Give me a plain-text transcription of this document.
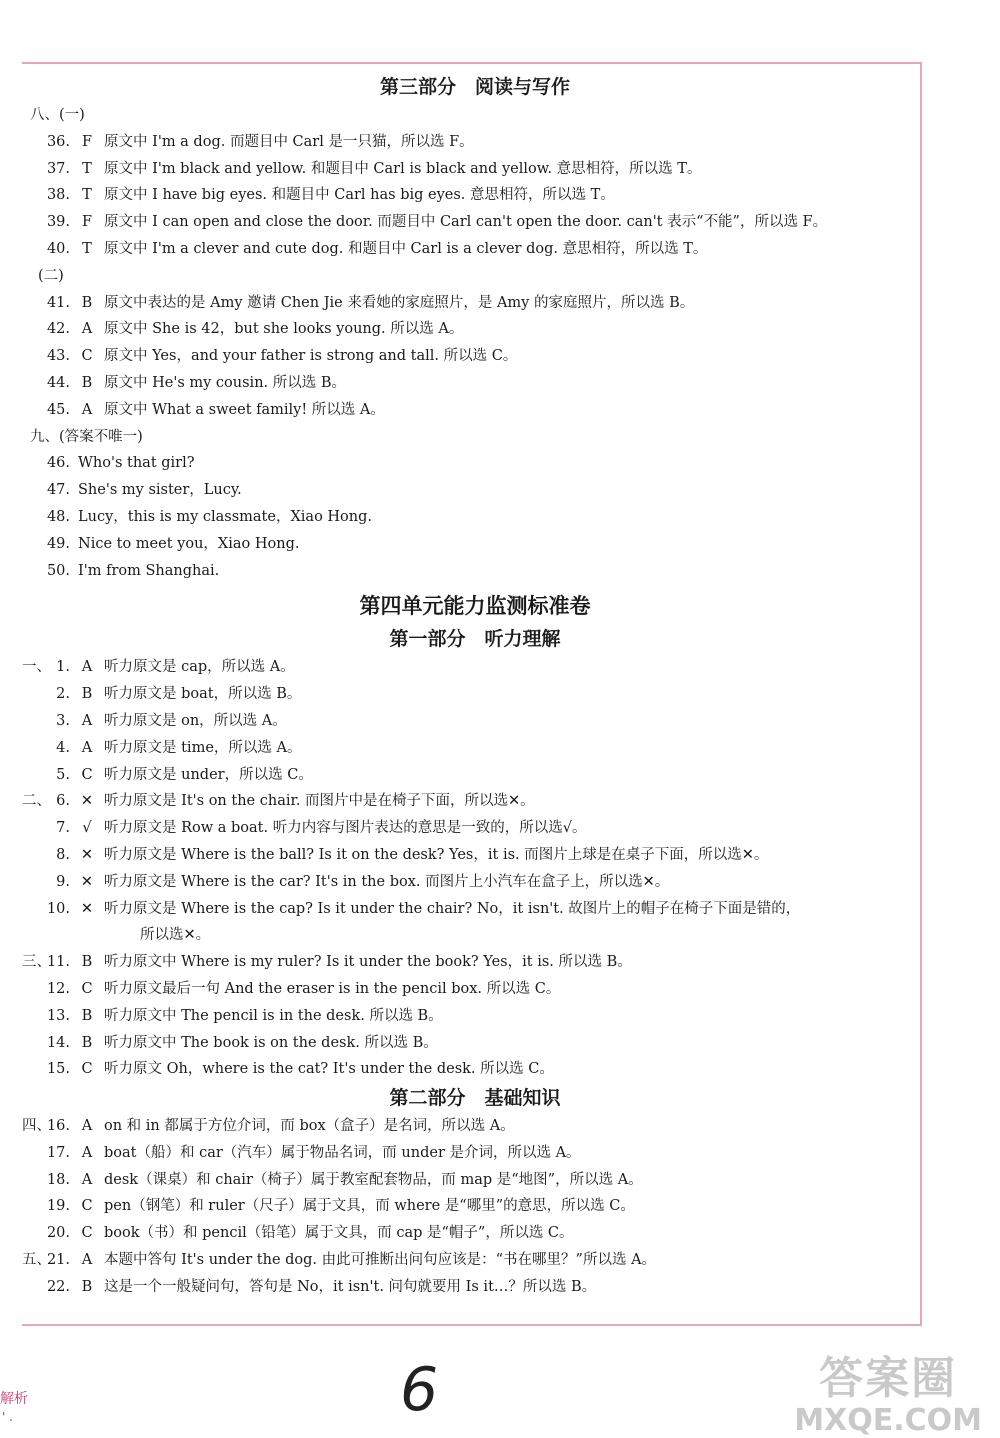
第三部分　阅读与写作
八、(一)
36. F 原文中 I'm a dog. 而题目中 Carl 是一只猫，所以选 F。
37. T 原文中 I'm black and yellow. 和题目中 Carl is black and yellow. 意思相符，所以选 T。
38. T 原文中 I have big eyes. 和题目中 Carl has big eyes. 意思相符，所以选 T。
39. F 原文中 I can open and close the door. 而题目中 Carl can't open the door. can't 表示“不能”，所以选 F。
40. T 原文中 I'm a clever and cute dog. 和题目中 Carl is a clever dog. 意思相符，所以选 T。
(二)
41. B 原文中表达的是 Amy 邀请 Chen Jie 来看她的家庭照片，是 Amy 的家庭照片，所以选 B。
42. A 原文中 She is 42，but she looks young. 所以选 A。
43. C 原文中 Yes，and your father is strong and tall. 所以选 C。
44. B 原文中 He's my cousin. 所以选 B。
45. A 原文中 What a sweet family! 所以选 A。
九、(答案不唯一)
46. Who's that girl?
47. She's my sister，Lucy.
48. Lucy，this is my classmate，Xiao Hong.
49. Nice to meet you，Xiao Hong.
50. I'm from Shanghai.
第四单元能力监测标准卷
第一部分　听力理解
一、 1. A 听力原文是 cap，所以选 A。
2. B 听力原文是 boat，所以选 B。
3. A 听力原文是 on，所以选 A。
4. A 听力原文是 time，所以选 A。
5. C 听力原文是 under，所以选 C。
二、 6. ✕ 听力原文是 It's on the chair. 而图片中是在椅子下面，所以选✕。
7. √ 听力原文是 Row a boat. 听力内容与图片表达的意思是一致的，所以选√。
8. ✕ 听力原文是 Where is the ball? Is it on the desk? Yes，it is. 而图片上球是在桌子下面，所以选✕。
9. ✕ 听力原文是 Where is the car? It's in the box. 而图片上小汽车在盒子上，所以选✕。
10. ✕ 听力原文是 Where is the cap? Is it under the chair? No，it isn't. 故图片上的帽子在椅子下面是错的，
所以选✕。
三、
11. B 听力原文中 Where is my ruler? Is it under the book? Yes，it is. 所以选 B。
12. C 听力原文最后一句 And the eraser is in the pencil box. 所以选 C。
13. B 听力原文中 The pencil is in the desk. 所以选 B。
14. B 听力原文中 The book is on the desk. 所以选 B。
15. C 听力原文 Oh，where is the cat? It's under the desk. 所以选 C。
第二部分　基础知识
四、
16. A on 和 in 都属于方位介词，而 box（盒子）是名词，所以选 A。
17. A boat（船）和 car（汽车）属于物品名词，而 under 是介词，所以选 A。
18. A desk（课桌）和 chair（椅子）属于教室配套物品，而 map 是“地图”，所以选 A。
19. C pen（钢笔）和 ruler（尺子）属于文具，而 where 是“哪里”的意思，所以选 C。
20. C book（书）和 pencil（铅笔）属于文具，而 cap 是“帽子”，所以选 C。
五、
21. A 本题中答句 It's under the dog. 由此可推断出问句应该是：“书在哪里？”所以选 A。
22. B 这是一个一般疑问句，答句是 No，it isn't. 问句就要用 Is it…？所以选 B。
解析
' .	6	答案圈
MXQE.COM
